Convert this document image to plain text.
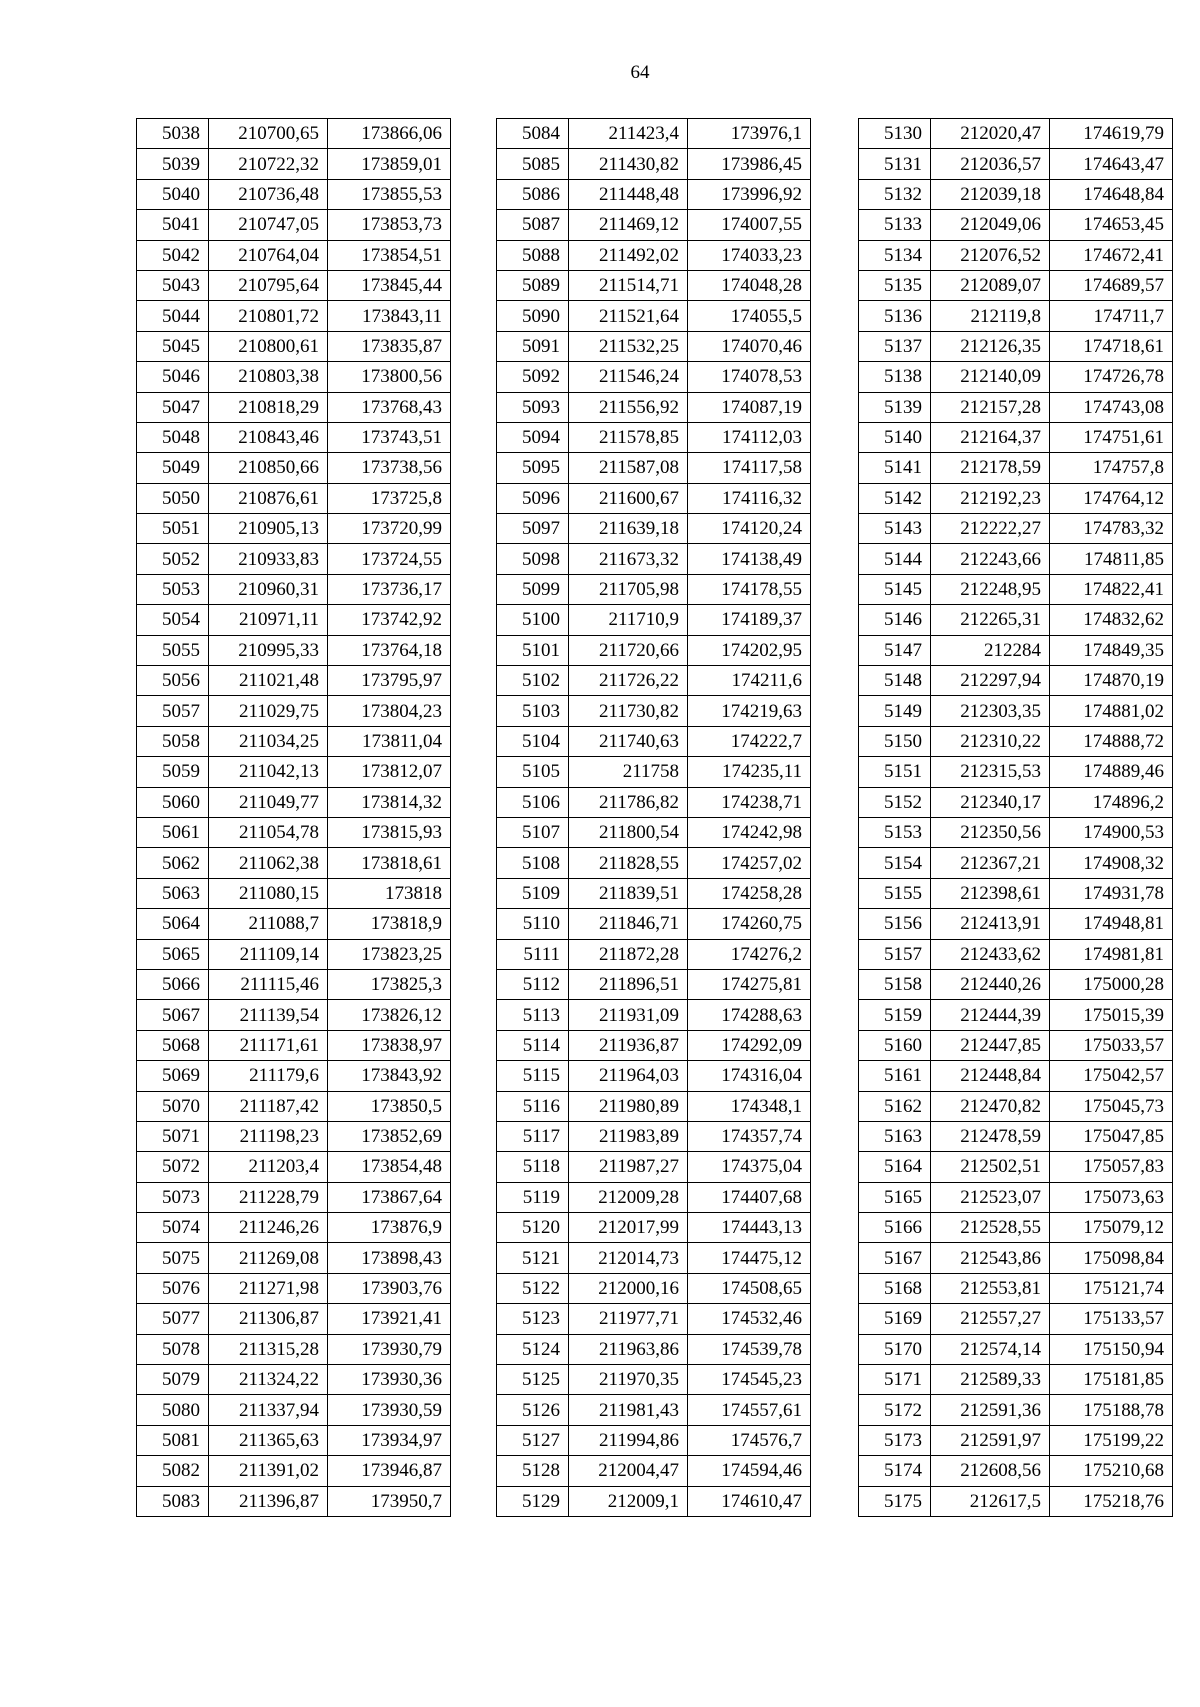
64
5038	210700,65	173866,06
5039	210722,32	173859,01
5040	210736,48	173855,53
5041	210747,05	173853,73
5042	210764,04	173854,51
5043	210795,64	173845,44
5044	210801,72	173843,11
5045	210800,61	173835,87
5046	210803,38	173800,56
5047	210818,29	173768,43
5048	210843,46	173743,51
5049	210850,66	173738,56
5050	210876,61	173725,8
5051	210905,13	173720,99
5052	210933,83	173724,55
5053	210960,31	173736,17
5054	210971,11	173742,92
5055	210995,33	173764,18
5056	211021,48	173795,97
5057	211029,75	173804,23
5058	211034,25	173811,04
5059	211042,13	173812,07
5060	211049,77	173814,32
5061	211054,78	173815,93
5062	211062,38	173818,61
5063	211080,15	173818
5064	211088,7	173818,9
5065	211109,14	173823,25
5066	211115,46	173825,3
5067	211139,54	173826,12
5068	211171,61	173838,97
5069	211179,6	173843,92
5070	211187,42	173850,5
5071	211198,23	173852,69
5072	211203,4	173854,48
5073	211228,79	173867,64
5074	211246,26	173876,9
5075	211269,08	173898,43
5076	211271,98	173903,76
5077	211306,87	173921,41
5078	211315,28	173930,79
5079	211324,22	173930,36
5080	211337,94	173930,59
5081	211365,63	173934,97
5082	211391,02	173946,87
5083	211396,87	173950,7
5084	211423,4	173976,1
5085	211430,82	173986,45
5086	211448,48	173996,92
5087	211469,12	174007,55
5088	211492,02	174033,23
5089	211514,71	174048,28
5090	211521,64	174055,5
5091	211532,25	174070,46
5092	211546,24	174078,53
5093	211556,92	174087,19
5094	211578,85	174112,03
5095	211587,08	174117,58
5096	211600,67	174116,32
5097	211639,18	174120,24
5098	211673,32	174138,49
5099	211705,98	174178,55
5100	211710,9	174189,37
5101	211720,66	174202,95
5102	211726,22	174211,6
5103	211730,82	174219,63
5104	211740,63	174222,7
5105	211758	174235,11
5106	211786,82	174238,71
5107	211800,54	174242,98
5108	211828,55	174257,02
5109	211839,51	174258,28
5110	211846,71	174260,75
5111	211872,28	174276,2
5112	211896,51	174275,81
5113	211931,09	174288,63
5114	211936,87	174292,09
5115	211964,03	174316,04
5116	211980,89	174348,1
5117	211983,89	174357,74
5118	211987,27	174375,04
5119	212009,28	174407,68
5120	212017,99	174443,13
5121	212014,73	174475,12
5122	212000,16	174508,65
5123	211977,71	174532,46
5124	211963,86	174539,78
5125	211970,35	174545,23
5126	211981,43	174557,61
5127	211994,86	174576,7
5128	212004,47	174594,46
5129	212009,1	174610,47
5130	212020,47	174619,79
5131	212036,57	174643,47
5132	212039,18	174648,84
5133	212049,06	174653,45
5134	212076,52	174672,41
5135	212089,07	174689,57
5136	212119,8	174711,7
5137	212126,35	174718,61
5138	212140,09	174726,78
5139	212157,28	174743,08
5140	212164,37	174751,61
5141	212178,59	174757,8
5142	212192,23	174764,12
5143	212222,27	174783,32
5144	212243,66	174811,85
5145	212248,95	174822,41
5146	212265,31	174832,62
5147	212284	174849,35
5148	212297,94	174870,19
5149	212303,35	174881,02
5150	212310,22	174888,72
5151	212315,53	174889,46
5152	212340,17	174896,2
5153	212350,56	174900,53
5154	212367,21	174908,32
5155	212398,61	174931,78
5156	212413,91	174948,81
5157	212433,62	174981,81
5158	212440,26	175000,28
5159	212444,39	175015,39
5160	212447,85	175033,57
5161	212448,84	175042,57
5162	212470,82	175045,73
5163	212478,59	175047,85
5164	212502,51	175057,83
5165	212523,07	175073,63
5166	212528,55	175079,12
5167	212543,86	175098,84
5168	212553,81	175121,74
5169	212557,27	175133,57
5170	212574,14	175150,94
5171	212589,33	175181,85
5172	212591,36	175188,78
5173	212591,97	175199,22
5174	212608,56	175210,68
5175	212617,5	175218,76
